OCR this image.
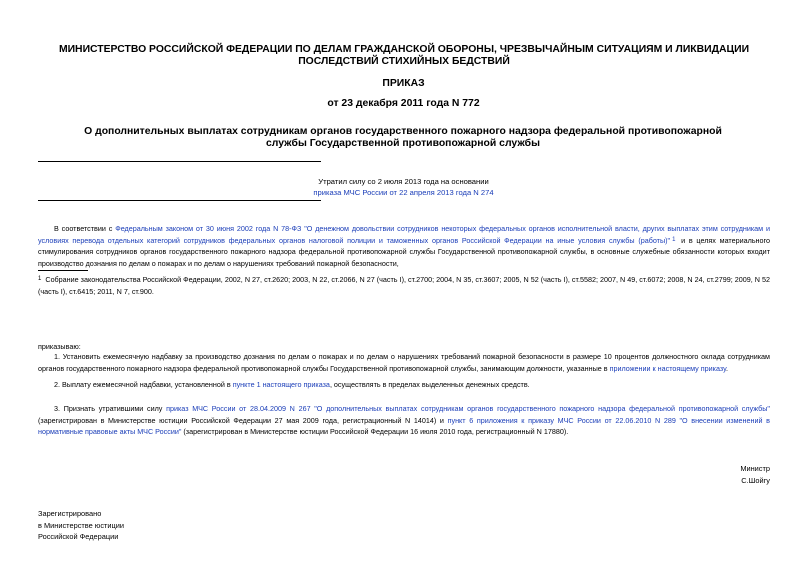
МИНИСТЕРСТВО РОССИЙСКОЙ ФЕДЕРАЦИИ ПО ДЕЛАМ ГРАЖДАНСКОЙ ОБОРОНЫ, ЧРЕЗВЫЧАЙНЫМ СИТУАЦИЯМ И ЛИКВИДАЦИИ ПОСЛЕДСТВИЙ СТИХИЙНЫХ БЕДСТВИЙ
ПРИКАЗ
от 23 декабря 2011 года N 772
О дополнительных выплатах сотрудникам органов государственного пожарного надзора федеральной противопожарной службы Государственной противопожарной службы
Утратил силу со 2 июля 2013 года на основании
приказа МЧС России от 22 апреля 2013 года N 274
В соответствии с Федеральным законом от 30 июня 2002 года N 78-ФЗ "О денежном довольствии сотрудников некоторых федеральных органов исполнительной власти, других выплатах этим сотрудникам и условиях перевода отдельных категорий сотрудников федеральных органов налоговой полиции и таможенных органов Российской Федерации на иные условия службы (работы)" $^1$ и в целях материального стимулирования сотрудников органов государственного пожарного надзора федеральной противопожарной службы Государственной противопожарной службы, в основные служебные обязанности которых входит производство дознания по делам о пожарах и по делам о нарушениях требований пожарной безопасности,
$^1$ Собрание законодательства Российской Федерации, 2002, N 27, ст.2620; 2003, N 22, ст.2066, N 27 (часть I), ст.2700; 2004, N 35, ст.3607; 2005, N 52 (часть I), ст.5582; 2007, N 49, ст.6072; 2008, N 24, ст.2799; 2009, N 52 (часть I), ст.6415; 2011, N 7, ст.900.
приказываю:
1. Установить ежемесячную надбавку за производство дознания по делам о пожарах и по делам о нарушениях требований пожарной безопасности в размере 10 процентов должностного оклада сотрудникам органов государственного пожарного надзора федеральной противопожарной службы Государственной противопожарной службы, занимающим должности, указанные в приложении к настоящему приказу.
2. Выплату ежемесячной надбавки, установленной в пункте 1 настоящего приказа, осуществлять в пределах выделенных денежных средств.
3. Признать утратившими силу приказ МЧС России от 28.04.2009 N 267 "О дополнительных выплатах сотрудникам органов государственного пожарного надзора федеральной противопожарной службы" (зарегистрирован в Министерстве юстиции Российской Федерации 27 мая 2009 года, регистрационный N 14014) и пункт 6 приложения к приказу МЧС России от 22.06.2010 N 289 "О внесении изменений в нормативные правовые акты МЧС России" (зарегистрирован в Министерстве юстиции Российской Федерации 16 июля 2010 года, регистрационный N 17880).
Министр
С.Шойгу
Зарегистрировано
в Министерстве юстиции
Российской Федерации
